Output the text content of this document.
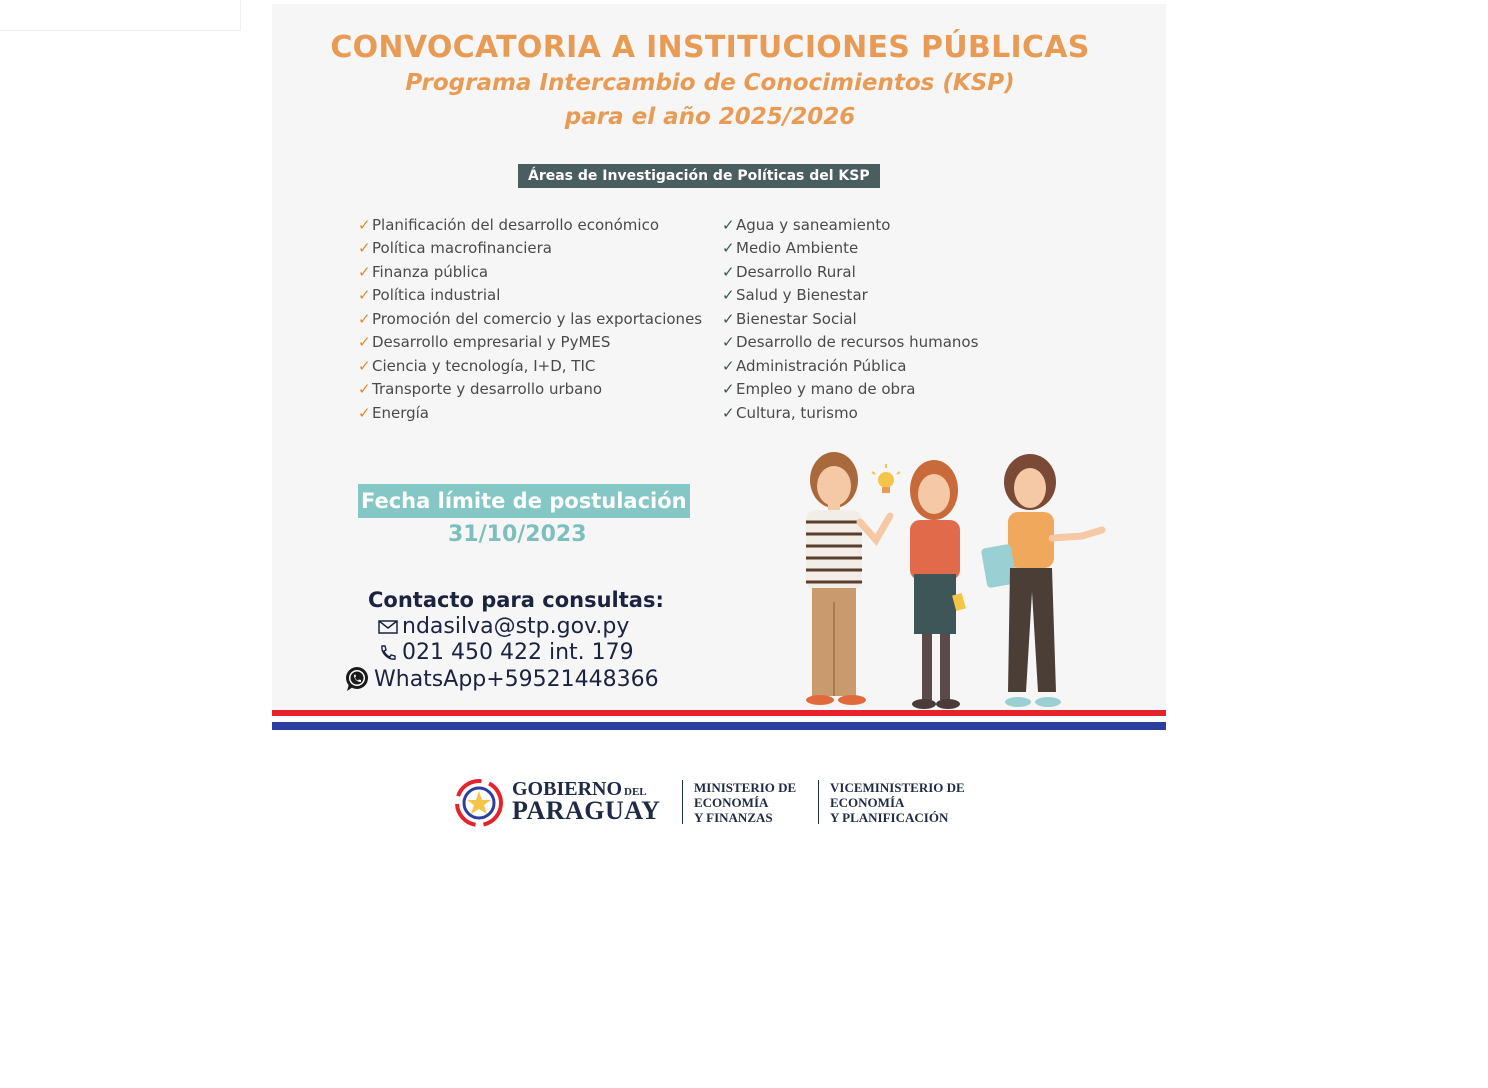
CONVOCATORIA A INSTITUCIONES PÚBLICAS
Programa Intercambio de Conocimientos (KSP)
para el año 2025/2026
Áreas de Investigación de Políticas del KSP
✓ Planificación del desarrollo económico
✓ Política macrofinanciera
✓ Finanza pública
✓ Política industrial
✓ Promoción del comercio y las exportaciones
✓ Desarrollo empresarial y PyMES
✓ Ciencia y tecnología, I+D, TIC
✓ Transporte y desarrollo urbano
✓ Energía
✓ Agua y saneamiento
✓ Medio Ambiente
✓ Desarrollo Rural
✓ Salud y Bienestar
✓ Bienestar Social
✓ Desarrollo de recursos humanos
✓ Administración Pública
✓ Empleo y mano de obra
✓ Cultura, turismo
Fecha límite de postulación
31/10/2023
Contacto para consultas:
ndasilva@stp.gov.py
021 450 422 int. 179
WhatsApp+59521448366
GOBIERNO DEL
PARAGUAY
MINISTERIO DE
ECONOMÍA
Y FINANZAS
VICEMINISTERIO DE
ECONOMÍA
Y PLANIFICACIÓN
